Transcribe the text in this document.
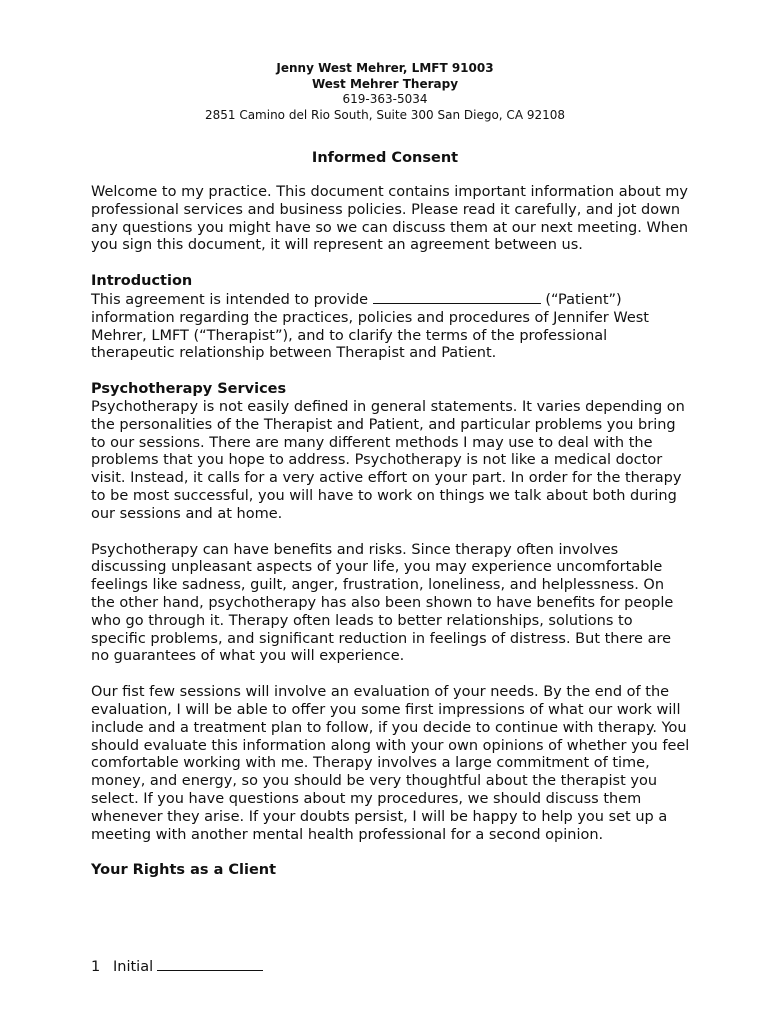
Jenny West Mehrer, LMFT 91003
West Mehrer Therapy
619-363-5034
2851 Camino del Rio South, Suite 300 San Diego, CA 92108
Informed Consent

Welcome to my practice. This document contains important information about my professional services and business policies. Please read it carefully, and jot down any questions you might have so we can discuss them at our next meeting. When you sign this document, it will represent an agreement between us.

Introduction
This agreement is intended to provide	(“Patient”) information regarding the practices, policies and procedures of Jennifer West Mehrer, LMFT (“Therapist”), and to clarify the terms of the professional therapeutic relationship between Therapist and Patient.
Psychotherapy Services

Psychotherapy is not easily defined in general statements. It varies depending on the personalities of the Therapist and Patient, and particular problems you bring to our sessions. There are many different methods I may use to deal with the problems that you hope to address. Psychotherapy is not like a medical doctor visit. Instead, it calls for a very active effort on your part. In order for the therapy to be most successful, you will have to work on things we talk about both during our sessions and at home.

Psychotherapy can have benefits and risks. Since therapy often involves discussing unpleasant aspects of your life, you may experience uncomfortable feelings like sadness, guilt, anger, frustration, loneliness, and helplessness. On the other hand, psychotherapy has also been shown to have benefits for people who go through it. Therapy often leads to better relationships, solutions to specific problems, and significant reduction in feelings of distress. But there are no guarantees of what you will experience.

Our fist few sessions will involve an evaluation of your needs. By the end of the evaluation, I will be able to offer you some first impressions of what our work will include and a treatment plan to follow, if you decide to continue with therapy. You should evaluate this information along with your own opinions of whether you feel comfortable working with me. Therapy involves a large commitment of time, money, and energy, so you should be very thoughtful about the therapist you select. If you have questions about my procedures, we should discuss them whenever they arise. If your doubts persist, I will be happy to help you set up a meeting with another mental health professional for a second opinion.

Your Rights as a Client
1 Initial
